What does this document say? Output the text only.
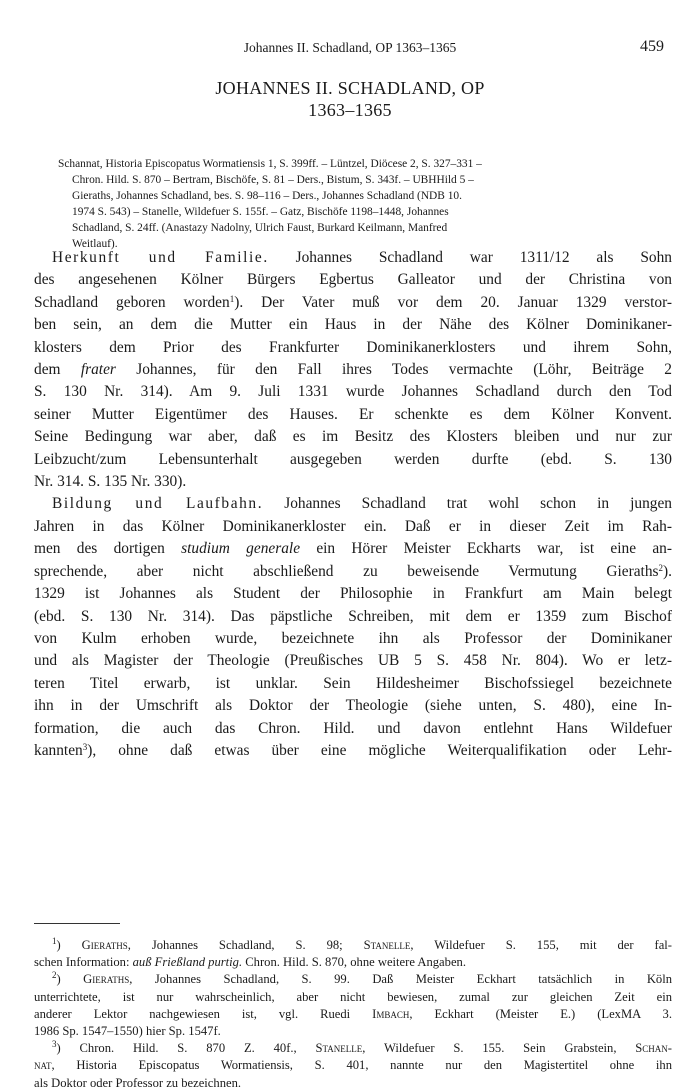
Johannes II. Schadland, OP 1363–1365	459
JOHANNES II. SCHADLAND, OP
1363–1365
Schannat, Historia Episcopatus Wormatiensis 1, S. 399ff. – Lüntzel, Diöcese 2, S. 327–331 –
Chron. Hild. S. 870 – Bertram, Bischöfe, S. 81 – Ders., Bistum, S. 343f. – UBHHild 5 –
Gieraths, Johannes Schadland, bes. S. 98–116 – Ders., Johannes Schadland (NDB 10.
1974 S. 543) – Stanelle, Wildefuer S. 155f. – Gatz, Bischöfe 1198–1448, Johannes
Schadland, S. 24ff. (Anastazy Nadolny, Ulrich Faust, Burkard Keilmann, Manfred
Weitlauf).
Herkunft und Familie. Johannes Schadland war 1311/12 als Sohn
des angesehenen Kölner Bürgers Egbertus Galleator und der Christina von
Schadland geboren worden$^1$). Der Vater muß vor dem 20. Januar 1329 verstor-
ben sein, an dem die Mutter ein Haus in der Nähe des Kölner Dominikaner-
klosters dem Prior des Frankfurter Dominikanerklosters und ihrem Sohn,
dem frater Johannes, für den Fall ihres Todes vermachte (Löhr, Beiträge 2
S. 130 Nr. 314). Am 9. Juli 1331 wurde Johannes Schadland durch den Tod
seiner Mutter Eigentümer des Hauses. Er schenkte es dem Kölner Konvent.
Seine Bedingung war aber, daß es im Besitz des Klosters bleiben und nur zur
Leibzucht/zum Lebensunterhalt ausgegeben werden durfte (ebd. S. 130
Nr. 314. S. 135 Nr. 330).
Bildung und Laufbahn. Johannes Schadland trat wohl schon in jungen
Jahren in das Kölner Dominikanerkloster ein. Daß er in dieser Zeit im Rah-
men des dortigen studium generale ein Hörer Meister Eckharts war, ist eine an-
sprechende, aber nicht abschließend zu beweisende Vermutung Gieraths$^2$).
1329 ist Johannes als Student der Philosophie in Frankfurt am Main belegt
(ebd. S. 130 Nr. 314). Das päpstliche Schreiben, mit dem er 1359 zum Bischof
von Kulm erhoben wurde, bezeichnete ihn als Professor der Dominikaner
und als Magister der Theologie (Preußisches UB 5 S. 458 Nr. 804). Wo er letz-
teren Titel erwarb, ist unklar. Sein Hildesheimer Bischofssiegel bezeichnete
ihn in der Umschrift als Doktor der Theologie (siehe unten, S. 480), eine In-
formation, die auch das Chron. Hild. und davon entlehnt Hans Wildefuer
kannten$^3$), ohne daß etwas über eine mögliche Weiterqualifikation oder Lehr-
$^1$) Gieraths, Johannes Schadland, S. 98; Stanelle, Wildefuer S. 155, mit der fal-
schen Information: auß Frießland purtig. Chron. Hild. S. 870, ohne weitere Angaben.
$^2$) Gieraths, Johannes Schadland, S. 99. Daß Meister Eckhart tatsächlich in Köln
unterrichtete, ist nur wahrscheinlich, aber nicht bewiesen, zumal zur gleichen Zeit ein
anderer Lektor nachgewiesen ist, vgl. Ruedi Imbach, Eckhart (Meister E.) (LexMA 3.
1986 Sp. 1547–1550) hier Sp. 1547f.
$^3$) Chron. Hild. S. 870 Z. 40f., Stanelle, Wildefuer S. 155. Sein Grabstein, Schan-
nat, Historia Episcopatus Wormatiensis, S. 401, nannte nur den Magistertitel ohne ihn
als Doktor oder Professor zu bezeichnen.
